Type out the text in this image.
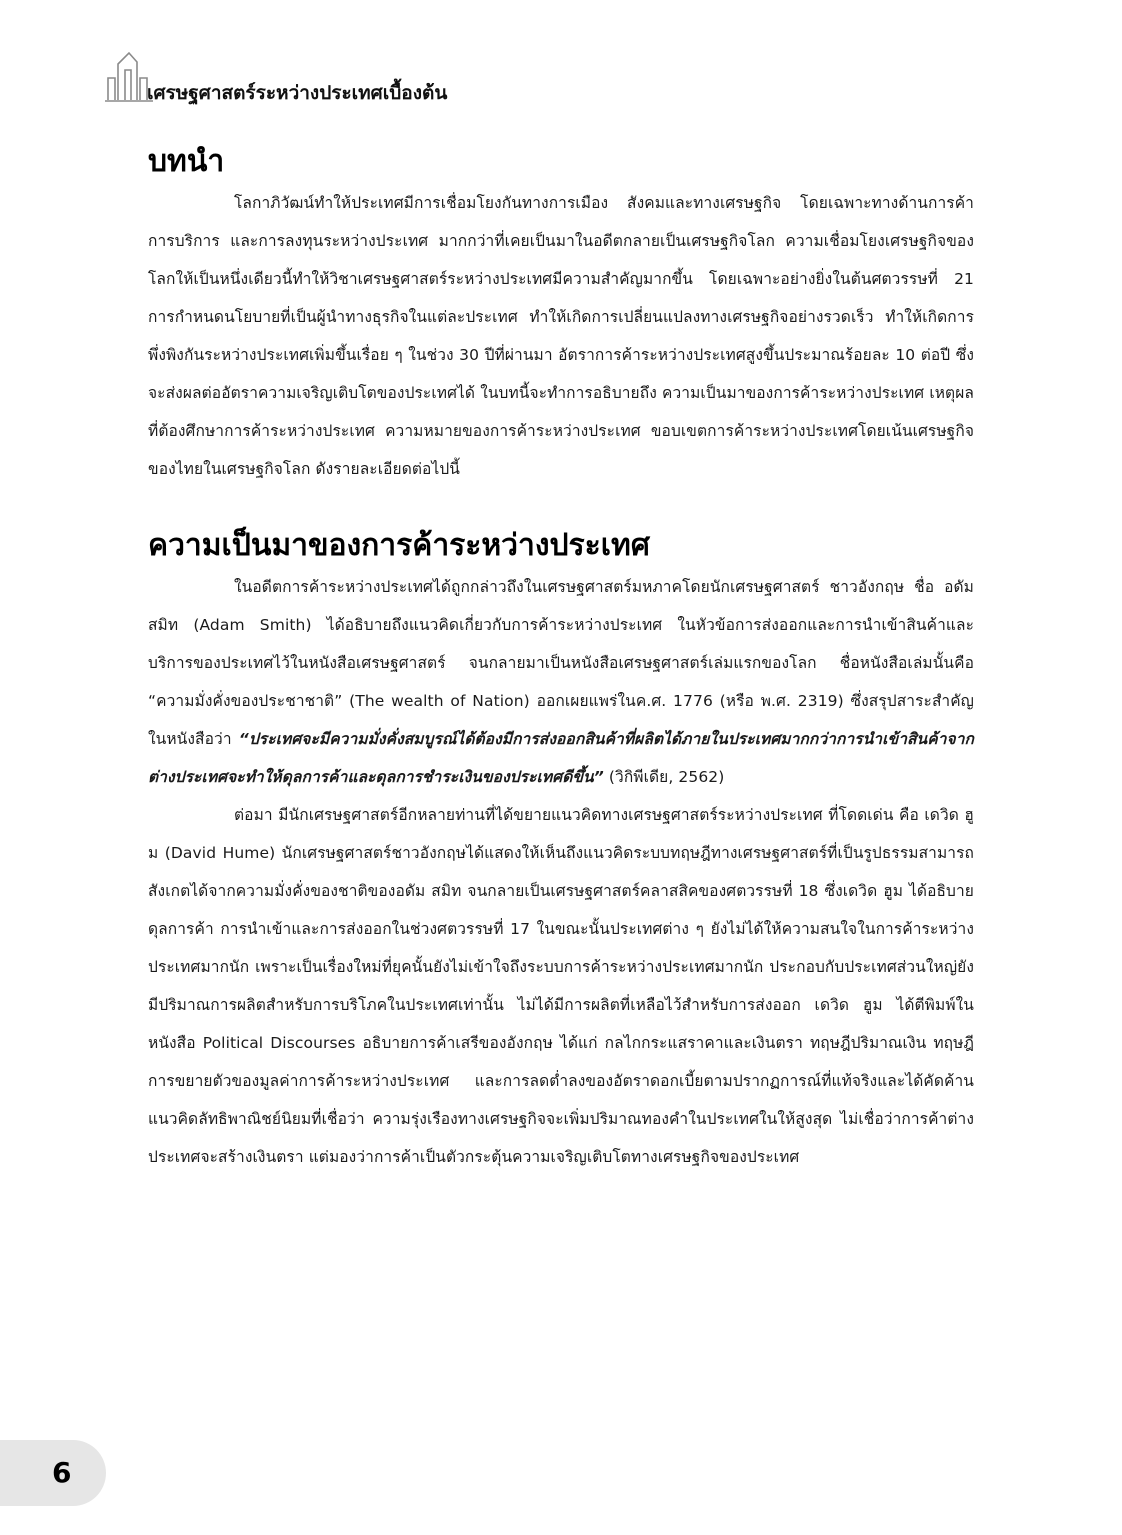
เศรษฐศาสตร์ระหว่างประเทศเบื้องต้น
บทนำ

โลกาภิวัฒน์ทำให้ประเทศมีการเชื่อมโยงกันทางการเมือง สังคมและทางเศรษฐกิจ โดยเฉพาะทางด้านการค้า การบริการ และการลงทุนระหว่างประเทศ มากกว่าที่เคยเป็นมาในอดีตกลายเป็นเศรษฐกิจโลก ความเชื่อมโยงเศรษฐกิจของโลกให้เป็นหนึ่งเดียวนี้ทำให้วิชาเศรษฐศาสตร์ระหว่างประเทศมีความสำคัญมากขึ้น โดยเฉพาะอย่างยิ่งในต้นศตวรรษที่ 21 การกำหนดนโยบายที่เป็นผู้นำทางธุรกิจในแต่ละประเทศ ทำให้เกิดการเปลี่ยนแปลงทางเศรษฐกิจอย่างรวดเร็ว ทำให้เกิดการพึ่งพิงกันระหว่างประเทศเพิ่มขึ้นเรื่อย ๆ ในช่วง 30 ปีที่ผ่านมา อัตราการค้าระหว่างประเทศสูงขึ้นประมาณร้อยละ 10 ต่อปี ซึ่งจะส่งผลต่ออัตราความเจริญเติบโตของประเทศได้ ในบทนี้จะทำการอธิบายถึง ความเป็นมาของการค้าระหว่างประเทศ เหตุผลที่ต้องศึกษาการค้าระหว่างประเทศ ความหมายของการค้าระหว่างประเทศ ขอบเขตการค้าระหว่างประเทศโดยเน้นเศรษฐกิจของไทยในเศรษฐกิจโลก ดังรายละเอียดต่อไปนี้

ความเป็นมาของการค้าระหว่างประเทศ

ในอดีตการค้าระหว่างประเทศได้ถูกกล่าวถึงในเศรษฐศาสตร์มหภาคโดยนักเศรษฐศาสตร์ ชาวอังกฤษ ชื่อ อดัม สมิท (Adam Smith) ได้อธิบายถึงแนวคิดเกี่ยวกับการค้าระหว่างประเทศ ในหัวข้อการส่งออกและการนำเข้าสินค้าและบริการของประเทศไว้ในหนังสือเศรษฐศาสตร์ จนกลายมาเป็นหนังสือเศรษฐศาสตร์เล่มแรกของโลก ชื่อหนังสือเล่มนั้นคือ “ความมั่งคั่งของประชาชาติ” (The wealth of Nation) ออกเผยแพร่ในค.ศ. 1776 (หรือ พ.ศ. 2319) ซึ่งสรุปสาระสำคัญในหนังสือว่า “ประเทศจะมีความมั่งคั่งสมบูรณ์ได้ต้องมีการส่งออกสินค้าที่ผลิตได้ภายในประเทศมากกว่าการนำเข้าสินค้าจากต่างประเทศจะทำให้ดุลการค้าและดุลการชำระเงินของประเทศดีขึ้น” (วิกิพีเดีย, 2562)

ต่อมา มีนักเศรษฐศาสตร์อีกหลายท่านที่ได้ขยายแนวคิดทางเศรษฐศาสตร์ระหว่างประเทศ ที่โดดเด่น คือ เดวิด ฮู ม (David Hume) นักเศรษฐศาสตร์ชาวอังกฤษได้แสดงให้เห็นถึงแนวคิดระบบทฤษฎีทางเศรษฐศาสตร์ที่เป็นรูปธรรมสามารถสังเกตได้จากความมั่งคั่งของชาติของอดัม สมิท จนกลายเป็นเศรษฐศาสตร์คลาสสิคของศตวรรษที่ 18 ซึ่งเดวิด ฮูม ได้อธิบาย ดุลการค้า การนำเข้าและการส่งออกในช่วงศตวรรษที่ 17 ในขณะนั้นประเทศต่าง ๆ ยังไม่ได้ให้ความสนใจในการค้าระหว่างประเทศมากนัก เพราะเป็นเรื่องใหม่ที่ยุคนั้นยังไม่เข้าใจถึงระบบการค้าระหว่างประเทศมากนัก ประกอบกับประเทศส่วนใหญ่ยังมีปริมาณการผลิตสำหรับการบริโภคในประเทศเท่านั้น ไม่ได้มีการผลิตที่เหลือไว้สำหรับการส่งออก เดวิด ฮูม ได้ตีพิมพ์ในหนังสือ Political Discourses อธิบายการค้าเสรีของอังกฤษ ได้แก่ กลไกกระแสราคาและเงินตรา ทฤษฎีปริมาณเงิน ทฤษฎีการขยายตัวของมูลค่าการค้าระหว่างประเทศ และการลดต่ำลงของอัตราดอกเบี้ยตามปรากฏการณ์ที่แท้จริงและได้คัดค้านแนวคิดลัทธิพาณิชย์นิยมที่เชื่อว่า ความรุ่งเรืองทางเศรษฐกิจจะเพิ่มปริมาณทองคำในประเทศในให้สูงสุด ไม่เชื่อว่าการค้าต่างประเทศจะสร้างเงินตรา แต่มองว่าการค้าเป็นตัวกระตุ้นความเจริญเติบโตทางเศรษฐกิจของประเทศ

6
